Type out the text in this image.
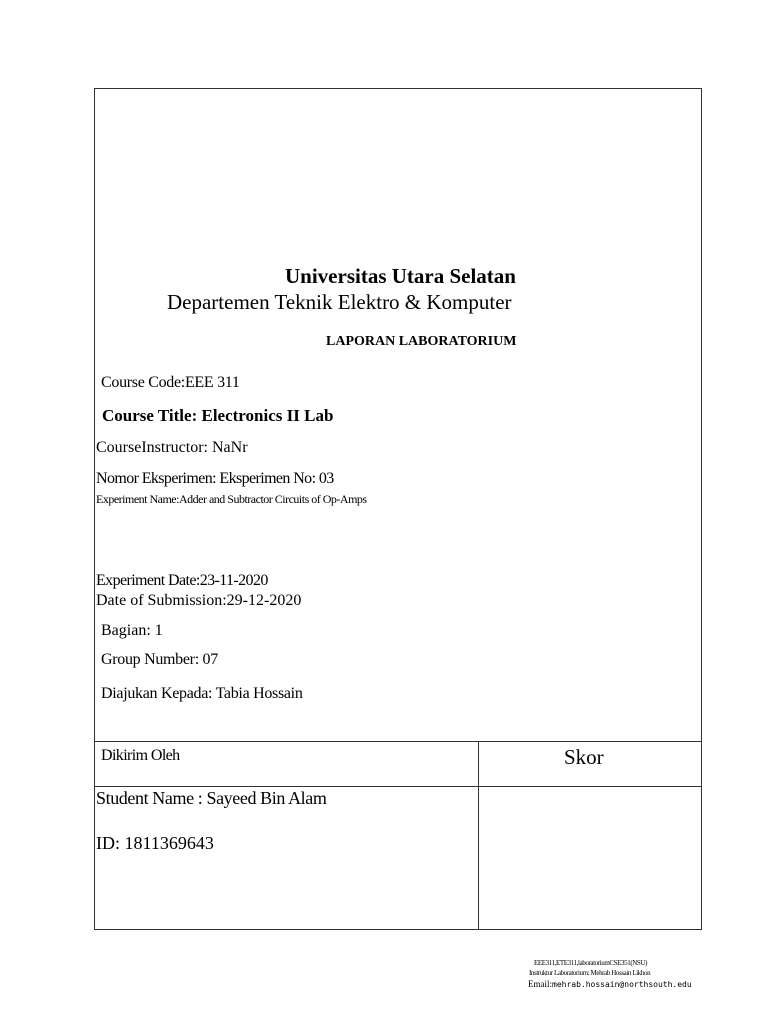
Universitas Utara Selatan
Departemen Teknik Elektro & Komputer
LAPORAN LABORATORIUM
Course Code:EEE 311
Course Title: Electronics II Lab
CourseInstructor: NaNr
Nomor Eksperimen: Eksperimen No: 03
Experiment Name:Adder and Subtractor Circuits of Op-Amps
Experiment Date:23-11-2020
Date of Submission:29-12-2020
Bagian: 1
Group Number: 07
Diajukan Kepada: Tabia Hossain
Dikirim Oleh	Skor
Student Name : Sayeed Bin Alam
ID: 1811369643
EEE311,ETE311,laboratoriumCSE351(NSU)
Instruktur Laboratorium: Mehrab Hossain Likhon
Email:mehrab.hossain@northsouth.edu
